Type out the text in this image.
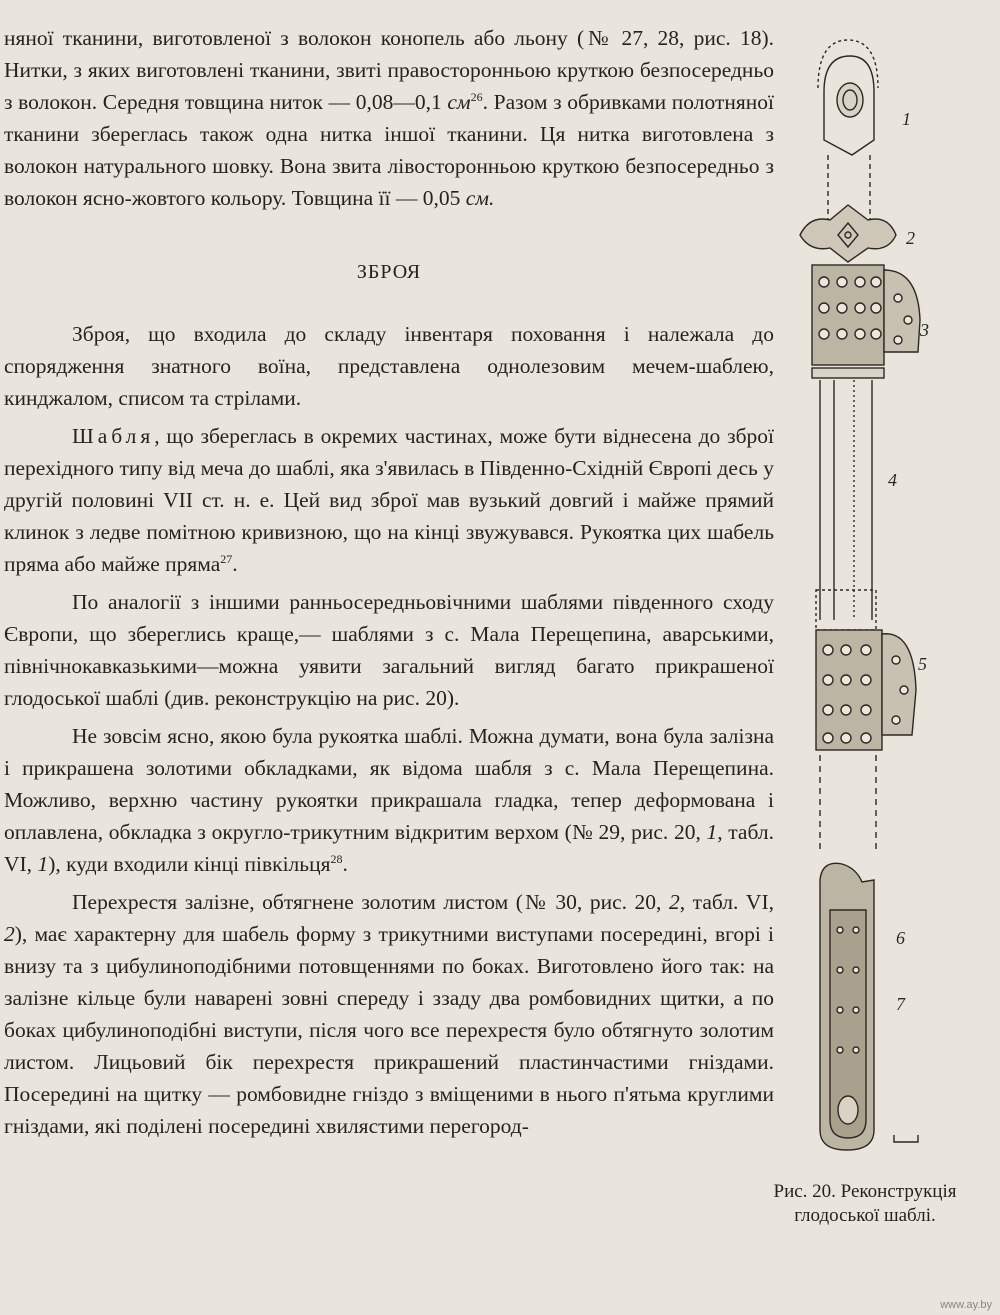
няної тканини, виготовленої з волокон конопель або льону (№ 27, 28, рис. 18). Нитки, з яких виготовлені тканини, звиті правосторонньою круткою безпосередньо з волокон. Середня товщина ниток — 0,08—0,1 $см^{26}$. Разом з обривками полотняної тканини збереглась також одна нитка іншої тканини. Ця нитка виготовлена з волокон натурального шовку. Вона звита лівосторонньою круткою безпосередньо з волокон ясно-жовтого кольору. Товщина її — 0,05 см.

ЗБРОЯ

Зброя, що входила до складу інвентаря поховання і належала до спорядження знатного воїна, представлена однолезовим мечем-шаблею, кинджалом, списом та стрілами.

Шабля, що збереглась в окремих частинах, може бути віднесена до зброї перехідного типу від меча до шаблі, яка з'явилась в Південно-Східній Європі десь у другій половині VII ст. н. е. Цей вид зброї мав вузький довгий і майже прямий клинок з ледве помітною кривизною, що на кінці звужувався. Рукоятка цих шабель пряма або майже пряма$^{27}$.

По аналогії з іншими ранньосередньовічними шаблями південного сходу Європи, що збереглись краще,— шаблями з с. Мала Перещепина, аварськими, північнокавказькими—можна уявити загальний вигляд багато прикрашеної глодоської шаблі (див. реконструкцію на рис. 20).

Не зовсім ясно, якою була рукоятка шаблі. Можна думати, вона була залізна і прикрашена золотими обкладками, як відома шабля з с. Мала Перещепина. Можливо, верхню частину рукоятки прикрашала гладка, тепер деформована і оплавлена, обкладка з округло-трикутним відкритим верхом (№ 29, рис. 20, 1, табл. VI, 1), куди входили кінці півкільця$^{28}$.

Перехрестя залізне, обтягнене золотим листом (№ 30, рис. 20, 2, табл. VI, 2), має характерну для шабель форму з трикутними виступами посередині, вгорі і внизу та з цибулиноподібними потовщеннями по боках. Виготовлено його так: на залізне кільце були наварені зовні спереду і ззаду два ромбовидних щитки, а по боках цибулиноподібні виступи, після чого все перехрестя було обтягнуто золотим листом. Лицьовий бік перехрестя прикрашений пластинчастими гніздами. Посередині на щитку — ромбовидне гніздо з вміщеними в нього п'ятьма круглими гніздами, які поділені посередині хвилястими перегород-

1
2
3
4
5
6
7
Рис. 20. Реконструкція глодоської шаблі.
www.ay.by
